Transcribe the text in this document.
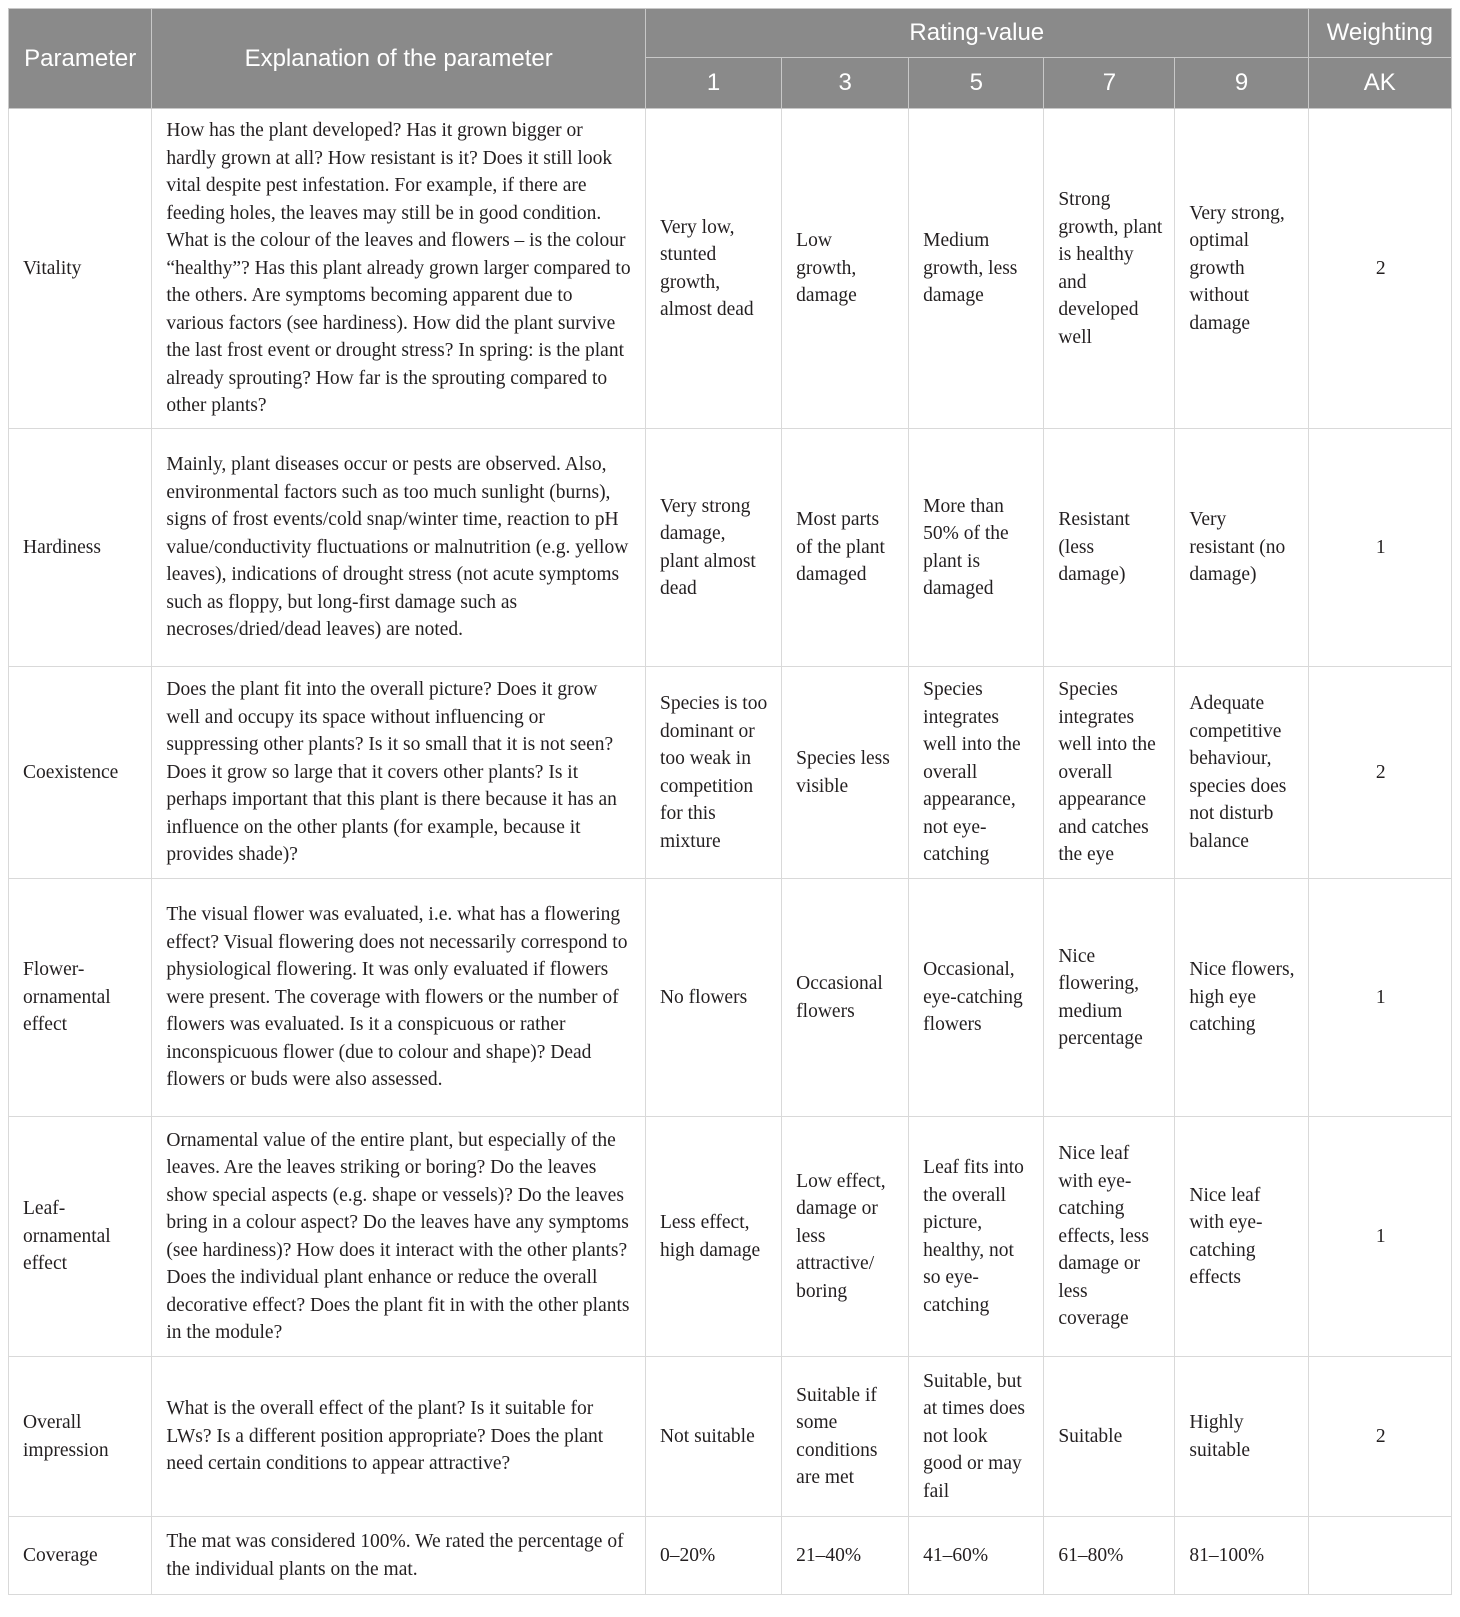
Parameter	Explanation of the parameter	Rating-value					Weighting
		1	3	5	7	9	AK
Vitality	How has the plant developed? Has it grown bigger or hardly grown at all? How resistant is it? Does it still look vital despite pest infestation. For example, if there are feeding holes, the leaves may still be in good condition. What is the colour of the leaves and flowers – is the colour “healthy”? Has this plant already grown larger compared to the others. Are symptoms becoming apparent due to various factors (see hardiness). How did the plant survive the last frost event or drought stress? In spring: is the plant already sprouting? How far is the sprouting compared to other plants?	Very low, stunted growth, almost dead	Low growth, damage	Medium growth, less damage	Strong growth, plant is healthy and developed well	Very strong, optimal growth without damage	2
Hardiness	Mainly, plant diseases occur or pests are observed. Also, environmental factors such as too much sunlight (burns), signs of frost events/cold snap/winter time, reaction to pH value/conductivity fluctuations or malnutrition (e.g. yellow leaves), indications of drought stress (not acute symptoms such as floppy, but long-first damage such as necroses/dried/dead leaves) are noted.	Very strong damage, plant almost dead	Most parts of the plant damaged	More than 50% of the plant is damaged	Resistant (less damage)	Very resistant (no damage)	1
Coexistence	Does the plant fit into the overall picture? Does it grow well and occupy its space without influencing or suppressing other plants? Is it so small that it is not seen? Does it grow so large that it covers other plants? Is it perhaps important that this plant is there because it has an influence on the other plants (for example, because it provides shade)?	Species is too dominant or too weak in competition for this mixture	Species less visible	Species integrates well into the overall appearance, not eye-catching	Species integrates well into the overall appearance and catches the eye	Adequate competitive behaviour, species does not disturb balance	2
Flower-ornamental effect	The visual flower was evaluated, i.e. what has a flowering effect? Visual flowering does not necessarily correspond to physiological flowering. It was only evaluated if flowers were present. The coverage with flowers or the number of flowers was evaluated. Is it a conspicuous or rather inconspicuous flower (due to colour and shape)? Dead flowers or buds were also assessed.	No flowers	Occasional flowers	Occasional, eye-catching flowers	Nice flowering, medium percentage	Nice flowers, high eye catching	1
Leaf-ornamental effect	Ornamental value of the entire plant, but especially of the leaves. Are the leaves striking or boring? Do the leaves show special aspects (e.g. shape or vessels)? Do the leaves bring in a colour aspect? Do the leaves have any symptoms (see hardiness)? How does it interact with the other plants? Does the individual plant enhance or reduce the overall decorative effect? Does the plant fit in with the other plants in the module?	Less effect, high damage	Low effect, damage or less attractive/ boring	Leaf fits into the overall picture, healthy, not so eye-catching	Nice leaf with eye-catching effects, less damage or less coverage	Nice leaf with eye-catching effects	1
Overall impression	What is the overall effect of the plant? Is it suitable for LWs? Is a different position appropriate? Does the plant need certain conditions to appear attractive?	Not suitable	Suitable if some conditions are met	Suitable, but at times does not look good or may fail	Suitable	Highly suitable	2
Coverage	The mat was considered 100%. We rated the percentage of the individual plants on the mat.	0–20%	21–40%	41–60%	61–80%	81–100%	
